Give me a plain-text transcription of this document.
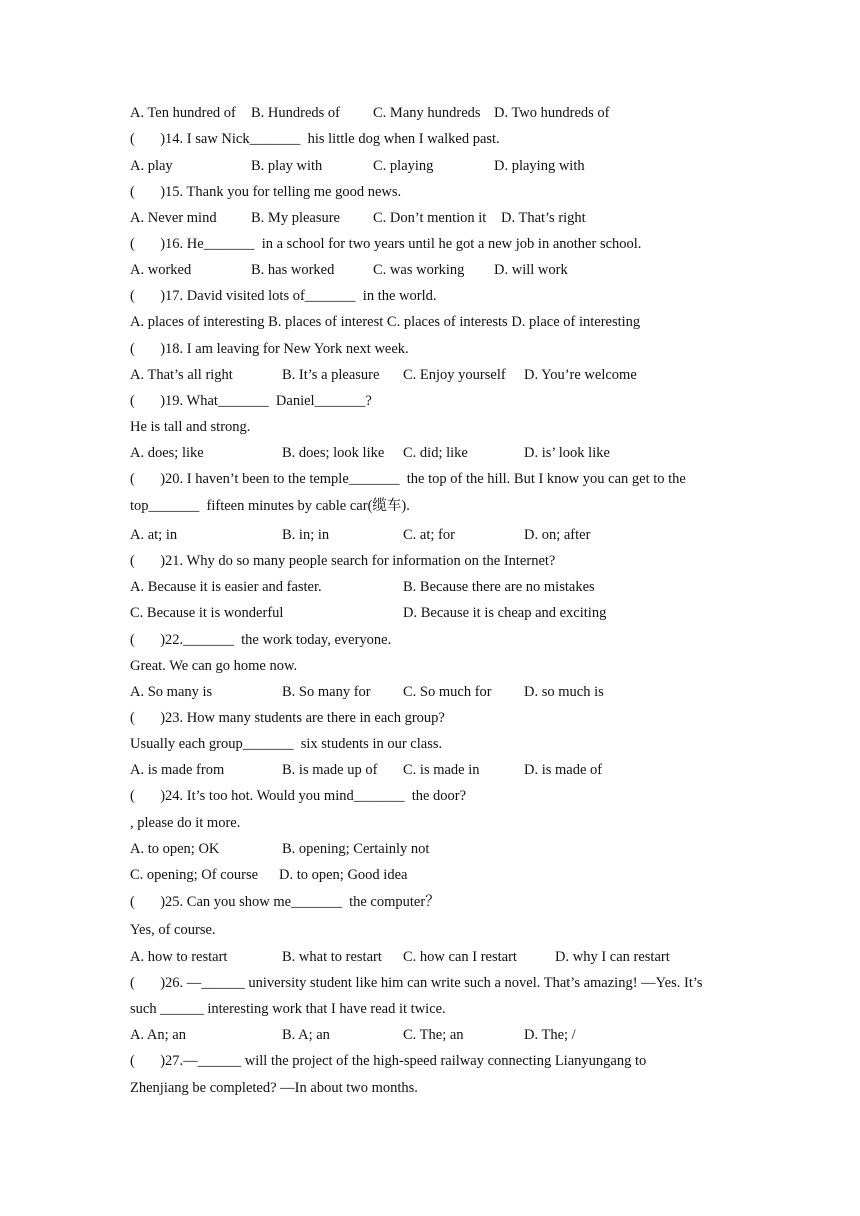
A. Ten hundred of

B. Hundreds of

C. Many hundreds

D. Two hundreds of

(       )14. I saw Nick_______  his little dog when I walked past.

A. play

	B. play with

	C. playing

	D. playing with

(       )15. Thank you for telling me good news.

A. Never mind

B. My pleasure

C. Don’t mention it

D. That’s right

(       )16. He_______  in a school for two years until he got a new job in another school.

A. worked

	B. has worked

	C. was working

D. will work

(       )17. David visited lots of_______  in the world.
A. places of interesting B. places of interest C. places of interests D. place of interesting
(       )18. I am leaving for New York next week.

A. That’s all right

	B. It’s a pleasure

C. Enjoy yourself

D. You’re welcome

(       )19. What_______  Daniel_______?
He is tall and strong.

A. does; like

	B. does; look like

C. did; like

	D. is’ look like

(       )20. I haven’t been to the temple_______  the top of the hill. But I know you can get to the
top_______  fifteen minutes by cable car(缆车).

A. at; in

	B. in; in

	C. at; for

	D. on; after

(       )21. Why do so many people search for information on the Internet?

A. Because it is easier and faster.

	B. Because there are no mistakes

C. Because it is wonderful

	D. Because it is cheap and exciting

(       )22._______  the work today, everyone.
Great. We can go home now.

A. So many is

	B. So many for

C. So much for

D. so much is

(       )23. How many students are there in each group?
Usually each group_______  six students in our class.

A. is made from

	B. is made up of

C. is made in

	D. is made of

(       )24. It’s too hot. Would you mind_______  the door?
, please do it more.

A. to open; OK

	B. opening; Certainly not

C. opening; Of course

D. to open; Good idea

(       )25. Can you show me_______  the computer？
Yes, of course.

A. how to restart

	B. what to restart

C. how can I restart

	D. why I can restart

(       )26. —______ university student like him can write such a novel. That’s amazing! —Yes. It’s
such ______ interesting work that I have read it twice.

A. An; an

	B. A; an

	C. The; an

	D. The; /

(       )27.—______ will the project of the high-speed railway connecting Lianyungang to
Zhenjiang be completed? —In about two months.
